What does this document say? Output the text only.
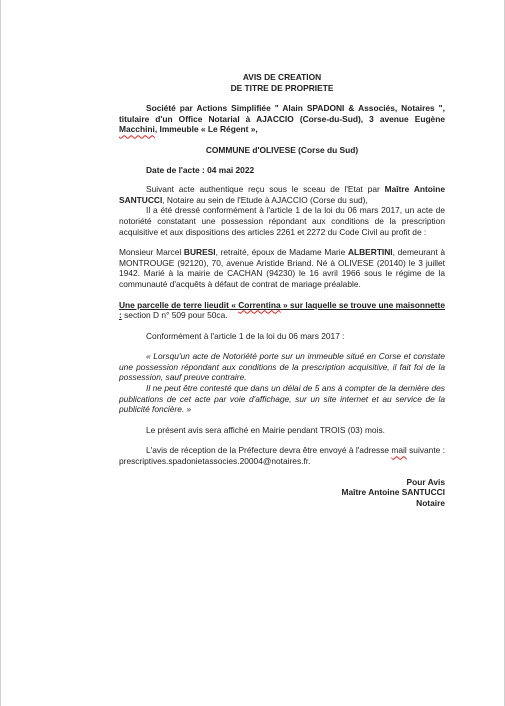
AVIS DE CREATION

DE TITRE DE PROPRIETE

Société par Actions Simplifiée " Alain SPADONI & Associés, Notaires ", titulaire d'un Office Notarial à AJACCIO (Corse-du-Sud), 3 avenue Eugène Macchini, Immeuble « Le Régent »,

COMMUNE d'OLIVESE (Corse du Sud)

Date de l'acte : 04 mai 2022

Suivant acte authentique reçu sous le sceau de l'Etat par Maître Antoine SANTUCCI, Notaire au sein de l'Etude à AJACCIO (Corse du sud),

Il a été dressé conformément à l'article 1 de la loi du 06 mars 2017, un acte de notoriété constatant une possession répondant aux conditions de la prescription acquisitive et aux dispositions des articles 2261 et 2272 du Code Civil au profit de :

Monsieur Marcel BURESI, retraité, époux de Madame Marie ALBERTINI, demeurant à MONTROUGE (92120), 70, avenue Aristide Briand. Né à OLIVESE (20140) le 3 juillet 1942. Marié à la mairie de CACHAN (94230) le 16 avril 1966 sous le régime de la communauté d'acquêts à défaut de contrat de mariage préalable.

Une parcelle de terre lieudit « Correntina » sur laquelle se trouve une maisonnette : section D n° 509 pour 50ca.

Conformément à l'article 1 de la loi du 06 mars 2017 :

« Lorsqu'un acte de Notoriété porte sur un immeuble situé en Corse et constate une possession répondant aux conditions de la prescription acquisitive, il fait foi de la possession, sauf preuve contraire.

Il ne peut être contesté que dans un délai de 5 ans à compter de la dernière des publications de cet acte par voie d'affichage, sur un site internet et au service de la publicité foncière. »

Le présent avis sera affiché en Mairie pendant TROIS (03) mois.

L'avis de réception de la Préfecture devra être envoyé à l'adresse mail suivante : prescriptives.spadonietassocies.20004@notaires.fr.

Pour Avis

Maître Antoine SANTUCCI

Notaire
